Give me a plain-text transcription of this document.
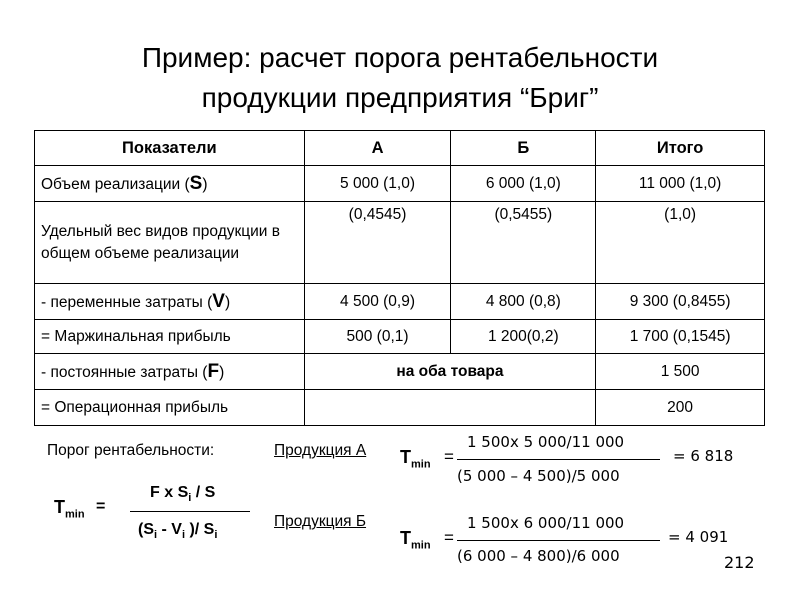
Пример: расчет порога рентабельности
продукции предприятия “Бриг”
Показатели	А	Б	Итого
Объем реализации (S)	5 000 (1,0)	6 000 (1,0)	11 000 (1,0)
Удельный вес видов продукции в общем объеме реализации	(0,4545)	(0,5455)	(1,0)
- переменные затраты (V)	4 500 (0,9)	4 800 (0,8)	9 300 (0,8455)
= Маржинальная прибыль	500 (0,1)	1 200(0,2)	1 700 (0,1545)
- постоянные затраты (F)	на оба товара		1 500
= Операционная прибыль			200
Порог рентабельности:
$T_{min}$ =
F x $S_i$ / S
($S_i - V_i$ )/ $S_i$
Продукция А $T_{min}$ =
1 500х 5 000/11 000
(5 000 – 4 500)/5 000
= 6 818
Продукция Б
$T_{min}$ =
1 500х 6 000/11 000
(6 000 – 4 800)/6 000
= 4 091
212
